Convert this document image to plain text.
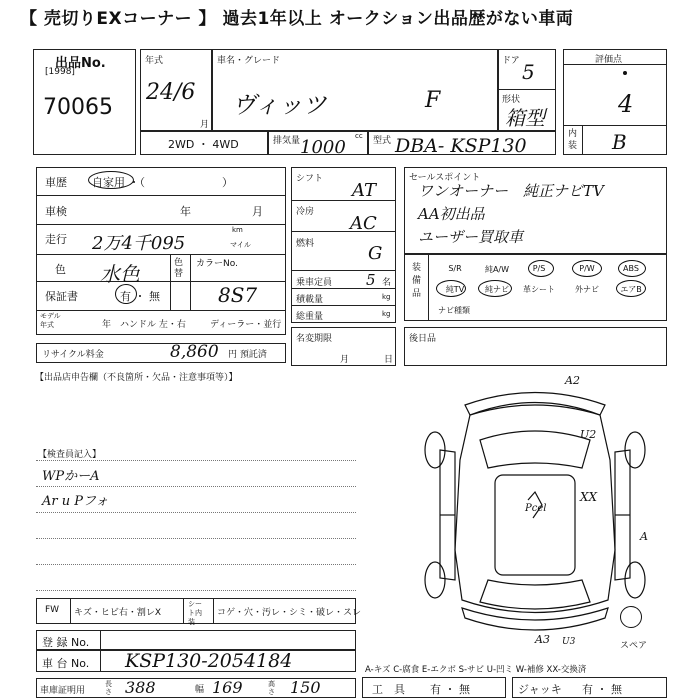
【 売切りEXコーナー 】 過去1年以上 オークション出品歴がない車両
出品No.
[1998]
70065
年式
24/6
月
車名・グレード
ヴィッツ	F
ドア 5
形状
箱型
評価点
4
内装 B
2WD ・ 4WD	排気量	cc
1000	型式 DBA- KSP130
車歴 自家用 ・（　　　　　　　）
車検	年	月
走行 2万4千095
km
マイル
色 水色	色替
カラーNo.
8S7
保証書	有 ・ 無
モデル年式	年 ハンドル 左・右	ディーラー・並行
シフト
AT
冷房
AC
燃料	G
乗車定員 5 名
積載量	kg
総重量	kg
名変期限
月	日
セールスポイント
ワンオーナー　純正ナビTV
AA初出品
ユーザー買取車
装備品
S/R	純A/W	P/S	P/W	ABS
純TV	純ナビ	革シート	外ナビ	エアB
ナビ種類
リサイクル料金	8,860 円 預託済
後日品
【出品店申告欄（不良箇所・欠品・注意事項等）】
【検査員記入】
WPかーA
Ar u Pフォ
FW キズ・ヒビ右・割レX
シート内装
コゲ・穴・汚レ・シミ・破レ・スレ
登 録 No.
車 台 No. KSP130-2054184
車庫証明用
長さ 388	幅 169	高さ 150
A-キズ C-腐食 E-エクボ S-サビ U-凹ミ W-補修 XX-交換済
工　具 有 ・ 無	ジャッキ 有 ・ 無
スペア
A2
U2
XX
Pcel
A
A3 U3
